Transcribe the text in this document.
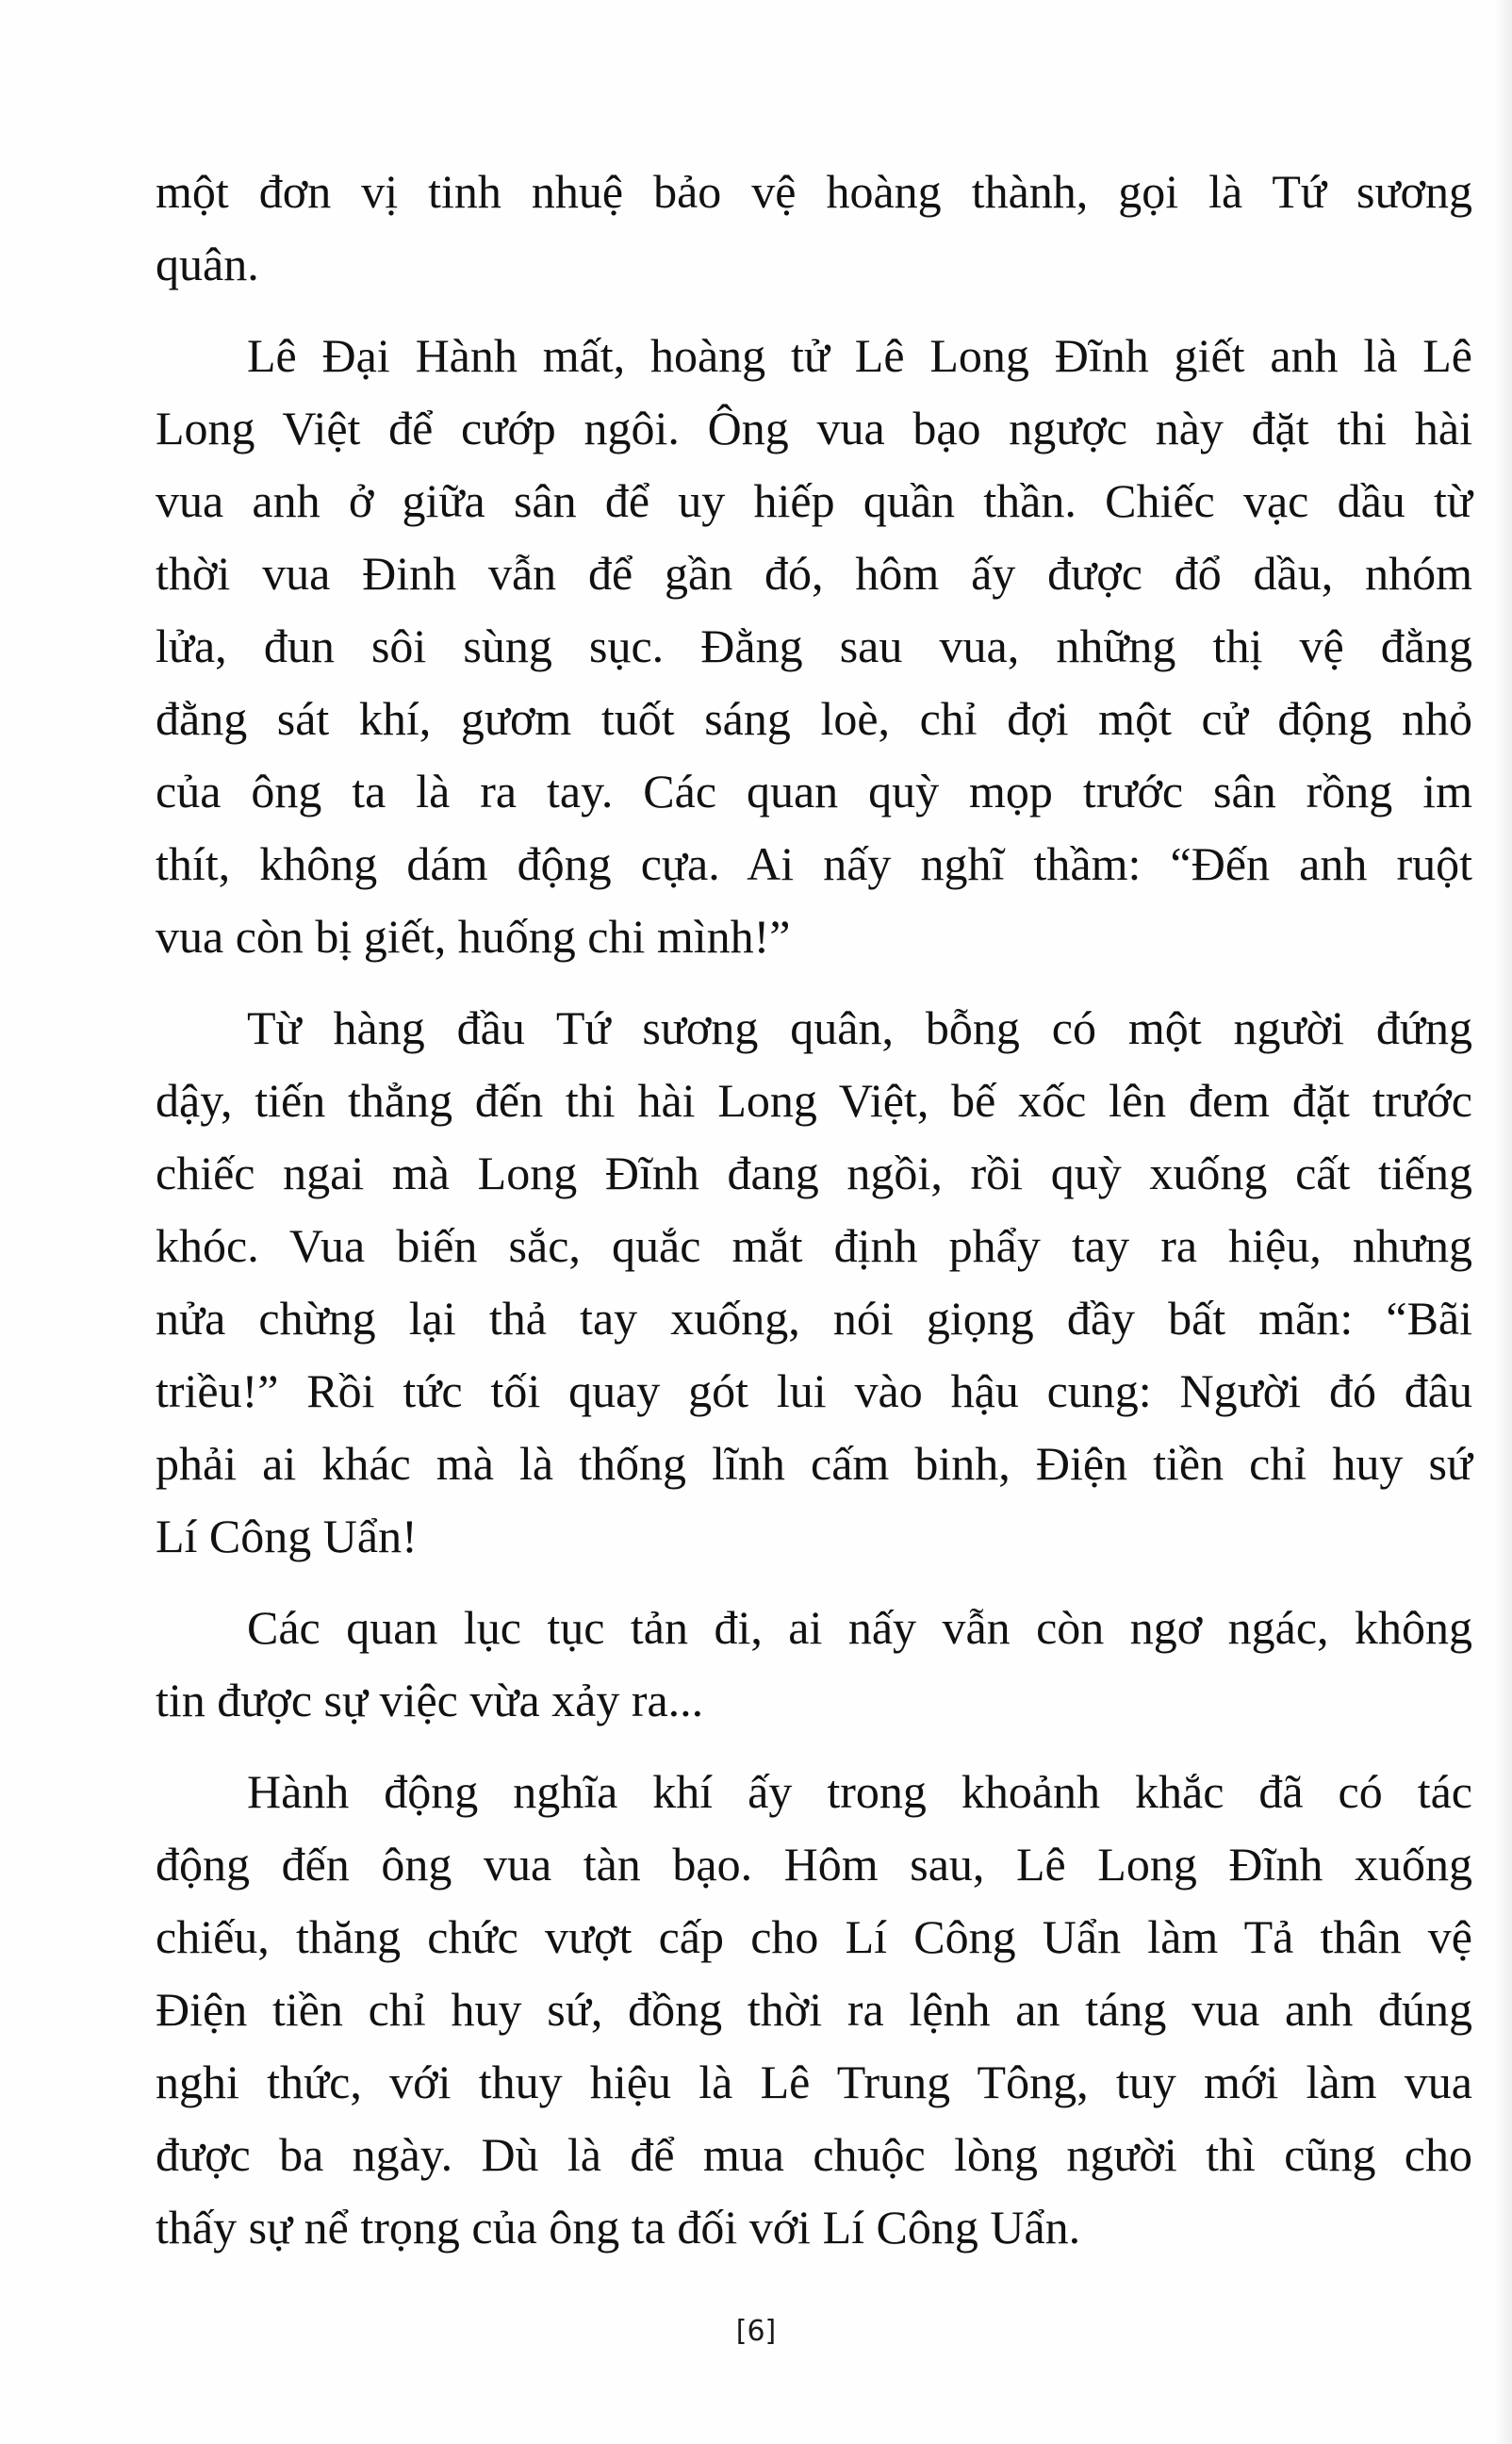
một đơn vị tinh nhuệ bảo vệ hoàng thành, gọi là Tứ sương
quân.
Lê Đại Hành mất, hoàng tử Lê Long Đĩnh giết anh là Lê
Long Việt để cướp ngôi. Ông vua bạo ngược này đặt thi hài
vua anh ở giữa sân để uy hiếp quần thần. Chiếc vạc dầu từ
thời vua Đinh vẫn để gần đó, hôm ấy được đổ dầu, nhóm
lửa, đun sôi sùng sục. Đằng sau vua, những thị vệ đằng
đằng sát khí, gươm tuốt sáng loè, chỉ đợi một cử động nhỏ
của ông ta là ra tay. Các quan quỳ mọp trước sân rồng im
thít, không dám động cựa. Ai nấy nghĩ thầm: “Đến anh ruột
vua còn bị giết, huống chi mình!”
Từ hàng đầu Tứ sương quân, bỗng có một người đứng
dậy, tiến thẳng đến thi hài Long Việt, bế xốc lên đem đặt trước
chiếc ngai mà Long Đĩnh đang ngồi, rồi quỳ xuống cất tiếng
khóc. Vua biến sắc, quắc mắt định phẩy tay ra hiệu, nhưng
nửa chừng lại thả tay xuống, nói giọng đầy bất mãn: “Bãi
triều!” Rồi tức tối quay gót lui vào hậu cung: Người đó đâu
phải ai khác mà là thống lĩnh cấm binh, Điện tiền chỉ huy sứ
Lí Công Uẩn!
Các quan lục tục tản đi, ai nấy vẫn còn ngơ ngác, không
tin được sự việc vừa xảy ra...
Hành động nghĩa khí ấy trong khoảnh khắc đã có tác
động đến ông vua tàn bạo. Hôm sau, Lê Long Đĩnh xuống
chiếu, thăng chức vượt cấp cho Lí Công Uẩn làm Tả thân vệ
Điện tiền chỉ huy sứ, đồng thời ra lệnh an táng vua anh đúng
nghi thức, với thuy hiệu là Lê Trung Tông, tuy mới làm vua
được ba ngày. Dù là để mua chuộc lòng người thì cũng cho
thấy sự nể trọng của ông ta đối với Lí Công Uẩn.
[6]
